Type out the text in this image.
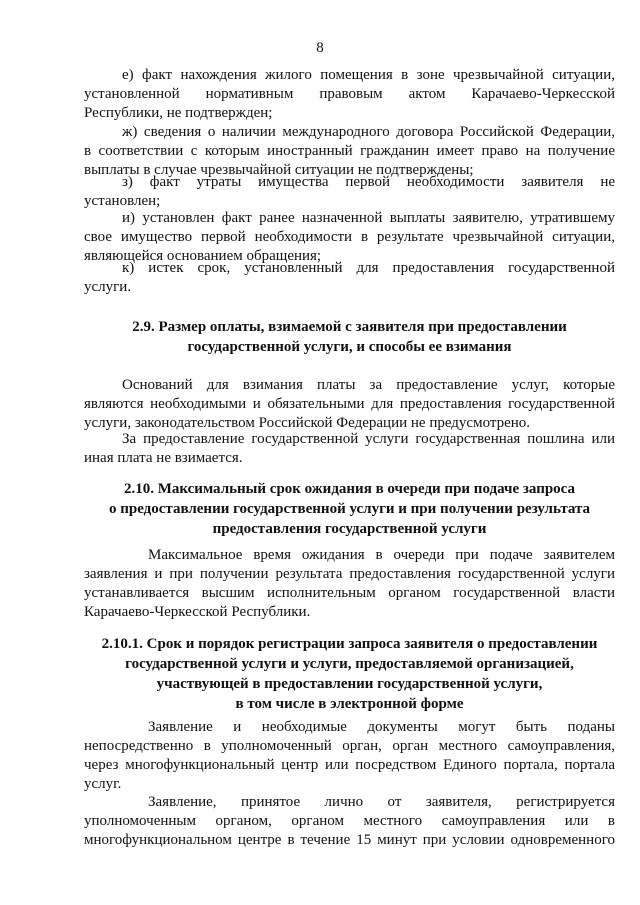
8
е) факт нахождения жилого помещения в зоне чрезвычайной ситуации,
установленной нормативным правовым актом Карачаево-Черкесской
Республики, не подтвержден;
ж) сведения о наличии международного договора Российской Федерации,
в соответствии с которым иностранный гражданин имеет право на получение
выплаты в случае чрезвычайной ситуации не подтверждены;
з) факт утраты имущества первой необходимости заявителя не
установлен;
и) установлен факт ранее назначенной выплаты заявителю, утратившему
свое имущество первой необходимости в результате чрезвычайной ситуации,
являющейся основанием обращения;
к) истек срок, установленный для предоставления государственной
услуги.
2.9. Размер оплаты, взимаемой с заявителя при предоставлении
государственной услуги, и способы ее взимания
Оснований для взимания платы за предоставление услуг, которые
являются необходимыми и обязательными для предоставления государственной
услуги, законодательством Российской Федерации не предусмотрено.
За предоставление государственной услуги государственная пошлина или
иная плата не взимается.
2.10. Максимальный срок ожидания в очереди при подаче запроса
о предоставлении государственной услуги и при получении результата
предоставления государственной услуги
Максимальное время ожидания в очереди при подаче заявителем
заявления и при получении результата предоставления государственной услуги
устанавливается высшим исполнительным органом государственной власти
Карачаево-Черкесской Республики.
2.10.1. Срок и порядок регистрации запроса заявителя о предоставлении
государственной услуги и услуги, предоставляемой организацией,
участвующей в предоставлении государственной услуги,
в том числе в электронной форме
Заявление и необходимые документы могут быть поданы
непосредственно в уполномоченный орган, орган местного самоуправления,
через многофункциональный центр или посредством Единого портала, портала
услуг.
Заявление, принятое лично от заявителя, регистрируется
уполномоченным органом, органом местного самоуправления или в
многофункциональном центре в течение 15 минут при условии одновременного
